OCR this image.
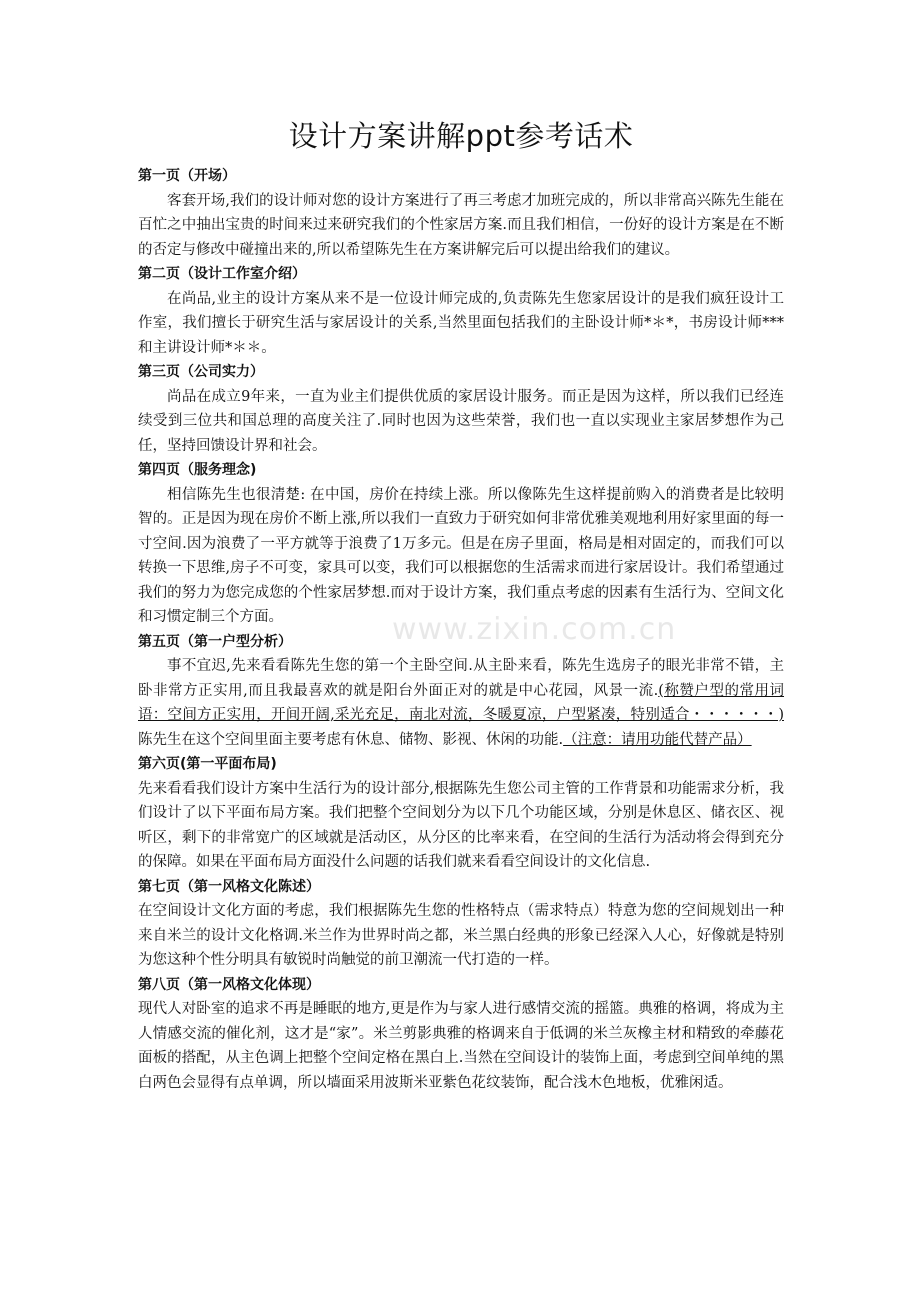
www.zixin.com.cn
设计方案讲解ppt参考话术

第一页（开场）

客套开场,我们的设计师对您的设计方案进行了再三考虑才加班完成的，所以非常高兴陈先生能在百忙之中抽出宝贵的时间来过来研究我们的个性家居方案.而且我们相信，一份好的设计方案是在不断的否定与修改中碰撞出来的,所以希望陈先生在方案讲解完后可以提出给我们的建议。

第二页（设计工作室介绍）

在尚品,业主的设计方案从来不是一位设计师完成的,负责陈先生您家居设计的是我们疯狂设计工作室，我们擅长于研究生活与家居设计的关系,当然里面包括我们的主卧设计师*＊*，书房设计师***和主讲设计师*＊＊。

第三页（公司实力）

尚品在成立9年来，一直为业主们提供优质的家居设计服务。而正是因为这样，所以我们已经连续受到三位共和国总理的高度关注了.同时也因为这些荣誉，我们也一直以实现业主家居梦想作为己任，坚持回馈设计界和社会。

第四页（服务理念)

相信陈先生也很清楚: 在中国，房价在持续上涨。所以像陈先生这样提前购入的消费者是比较明智的。正是因为现在房价不断上涨,所以我们一直致力于研究如何非常优雅美观地利用好家里面的每一寸空间.因为浪费了一平方就等于浪费了1万多元。但是在房子里面，格局是相对固定的，而我们可以转换一下思维,房子不可变，家具可以变，我们可以根据您的生活需求而进行家居设计。我们希望通过我们的努力为您完成您的个性家居梦想.而对于设计方案，我们重点考虑的因素有生活行为、空间文化和习惯定制三个方面。

第五页（第一户型分析）

事不宜迟,先来看看陈先生您的第一个主卧空间.从主卧来看，陈先生选房子的眼光非常不错，主卧非常方正实用,而且我最喜欢的就是阳台外面正对的就是中心花园，风景一流.(称赞户型的常用词语：空间方正实用，开间开阔,采光充足，南北对流，冬暖夏凉，户型紧凑，特别适合・・・・・・)陈先生在这个空间里面主要考虑有休息、储物、影视、休闲的功能.（注意：请用功能代替产品）

第六页(第一平面布局)

先来看看我们设计方案中生活行为的设计部分,根据陈先生您公司主管的工作背景和功能需求分析，我们设计了以下平面布局方案。我们把整个空间划分为以下几个功能区域，分别是休息区、储衣区、视听区，剩下的非常宽广的区域就是活动区，从分区的比率来看，在空间的生活行为活动将会得到充分的保障。如果在平面布局方面没什么问题的话我们就来看看空间设计的文化信息.

第七页（第一风格文化陈述）

在空间设计文化方面的考虑，我们根据陈先生您的性格特点（需求特点）特意为您的空间规划出一种来自米兰的设计文化格调.米兰作为世界时尚之都，米兰黑白经典的形象已经深入人心，好像就是特别为您这种个性分明具有敏锐时尚触觉的前卫潮流一代打造的一样。

第八页（第一风格文化体现）

现代人对卧室的追求不再是睡眠的地方,更是作为与家人进行感情交流的摇篮。典雅的格调，将成为主人情感交流的催化剂，这才是“家”。米兰剪影典雅的格调来自于低调的米兰灰橡主材和精致的牵藤花面板的搭配，从主色调上把整个空间定格在黑白上.当然在空间设计的装饰上面，考虑到空间单纯的黑白两色会显得有点单调，所以墙面采用波斯米亚紫色花纹装饰，配合浅木色地板，优雅闲适。
